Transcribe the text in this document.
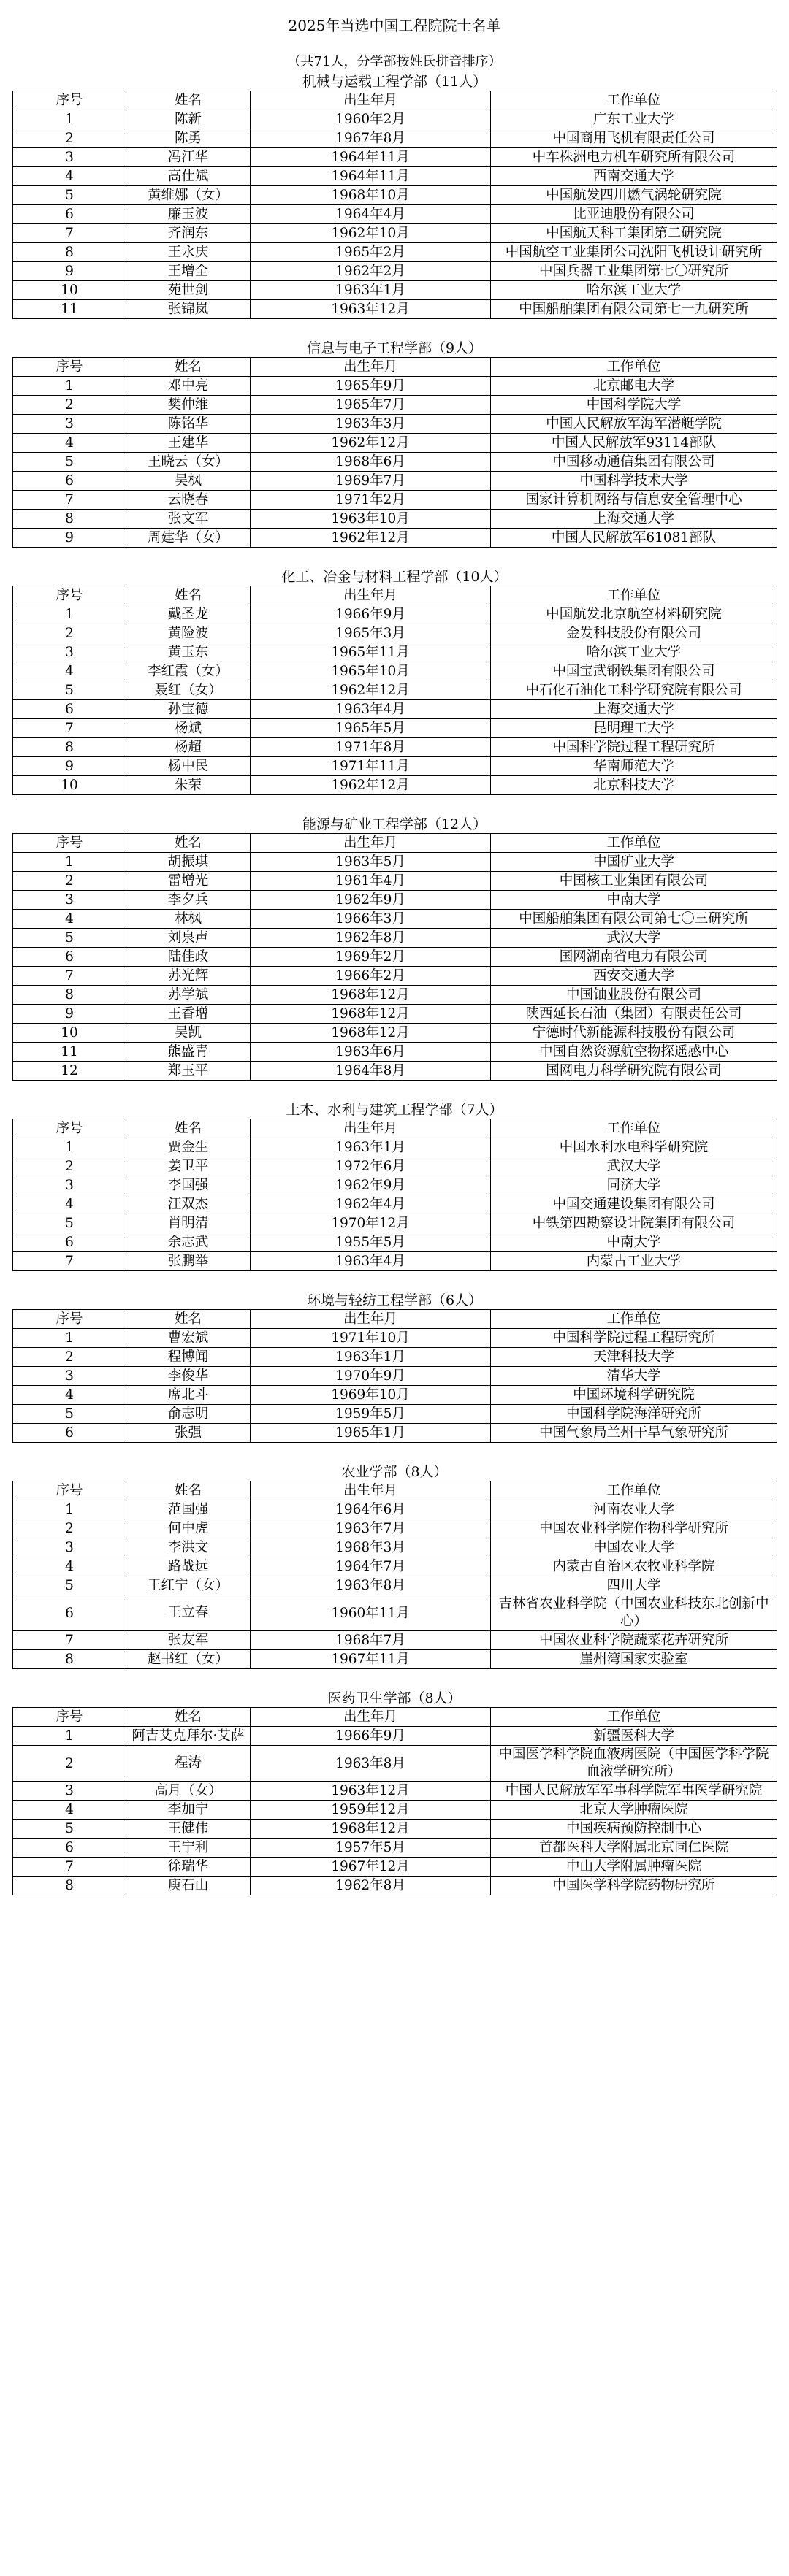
2025年当选中国工程院院士名单
（共71人，分学部按姓氏拼音排序）
机械与运载工程学部（11人）
序号	姓名	出生年月	工作单位
1	陈新	1960年2月	广东工业大学
2	陈勇	1967年8月	中国商用飞机有限责任公司
3	冯江华	1964年11月	中车株洲电力机车研究所有限公司
4	高仕斌	1964年11月	西南交通大学
5	黄维娜（女）	1968年10月	中国航发四川燃气涡轮研究院
6	廉玉波	1964年4月	比亚迪股份有限公司
7	齐润东	1962年10月	中国航天科工集团第二研究院
8	王永庆	1965年2月	中国航空工业集团公司沈阳飞机设计研究所
9	王增全	1962年2月	中国兵器工业集团第七〇研究所
10	苑世剑	1963年1月	哈尔滨工业大学
11	张锦岚	1963年12月	中国船舶集团有限公司第七一九研究所
信息与电子工程学部（9人）
序号	姓名	出生年月	工作单位
1	邓中亮	1965年9月	北京邮电大学
2	樊仲维	1965年7月	中国科学院大学
3	陈铭华	1963年3月	中国人民解放军海军潜艇学院
4	王建华	1962年12月	中国人民解放军93114部队
5	王晓云（女）	1968年6月	中国移动通信集团有限公司
6	吴枫	1969年7月	中国科学技术大学
7	云晓春	1971年2月	国家计算机网络与信息安全管理中心
8	张文军	1963年10月	上海交通大学
9	周建华（女）	1962年12月	中国人民解放军61081部队
化工、冶金与材料工程学部（10人）
序号	姓名	出生年月	工作单位
1	戴圣龙	1966年9月	中国航发北京航空材料研究院
2	黄险波	1965年3月	金发科技股份有限公司
3	黄玉东	1965年11月	哈尔滨工业大学
4	李红霞（女）	1965年10月	中国宝武钢铁集团有限公司
5	聂红（女）	1962年12月	中石化石油化工科学研究院有限公司
6	孙宝德	1963年4月	上海交通大学
7	杨斌	1965年5月	昆明理工大学
8	杨超	1971年8月	中国科学院过程工程研究所
9	杨中民	1971年11月	华南师范大学
10	朱荣	1962年12月	北京科技大学
能源与矿业工程学部（12人）
序号	姓名	出生年月	工作单位
1	胡振琪	1963年5月	中国矿业大学
2	雷增光	1961年4月	中国核工业集团有限公司
3	李夕兵	1962年9月	中南大学
4	林枫	1966年3月	中国船舶集团有限公司第七〇三研究所
5	刘泉声	1962年8月	武汉大学
6	陆佳政	1969年2月	国网湖南省电力有限公司
7	苏光辉	1966年2月	西安交通大学
8	苏学斌	1968年12月	中国铀业股份有限公司
9	王香增	1968年12月	陕西延长石油（集团）有限责任公司
10	吴凯	1968年12月	宁德时代新能源科技股份有限公司
11	熊盛青	1963年6月	中国自然资源航空物探遥感中心
12	郑玉平	1964年8月	国网电力科学研究院有限公司
土木、水利与建筑工程学部（7人）
序号	姓名	出生年月	工作单位
1	贾金生	1963年1月	中国水利水电科学研究院
2	姜卫平	1972年6月	武汉大学
3	李国强	1962年9月	同济大学
4	汪双杰	1962年4月	中国交通建设集团有限公司
5	肖明清	1970年12月	中铁第四勘察设计院集团有限公司
6	余志武	1955年5月	中南大学
7	张鹏举	1963年4月	内蒙古工业大学
环境与轻纺工程学部（6人）
序号	姓名	出生年月	工作单位
1	曹宏斌	1971年10月	中国科学院过程工程研究所
2	程博闻	1963年1月	天津科技大学
3	李俊华	1970年9月	清华大学
4	席北斗	1969年10月	中国环境科学研究院
5	俞志明	1959年5月	中国科学院海洋研究所
6	张强	1965年1月	中国气象局兰州干旱气象研究所
农业学部（8人）
序号	姓名	出生年月	工作单位
1	范国强	1964年6月	河南农业大学
2	何中虎	1963年7月	中国农业科学院作物科学研究所
3	李洪文	1968年3月	中国农业大学
4	路战远	1964年7月	内蒙古自治区农牧业科学院
5	王红宁（女）	1963年8月	四川大学
6	王立春	1960年11月	吉林省农业科学院（中国农业科技东北创新中心）
7	张友军	1968年7月	中国农业科学院蔬菜花卉研究所
8	赵书红（女）	1967年11月	崖州湾国家实验室
医药卫生学部（8人）
序号	姓名	出生年月	工作单位
1	阿吉艾克拜尔·艾萨	1966年9月	新疆医科大学
2	程涛	1963年8月	中国医学科学院血液病医院（中国医学科学院血液学研究所）
3	高月（女）	1963年12月	中国人民解放军军事科学院军事医学研究院
4	李加宁	1959年12月	北京大学肿瘤医院
5	王健伟	1968年12月	中国疾病预防控制中心
6	王宁利	1957年5月	首都医科大学附属北京同仁医院
7	徐瑞华	1967年12月	中山大学附属肿瘤医院
8	庾石山	1962年8月	中国医学科学院药物研究所
